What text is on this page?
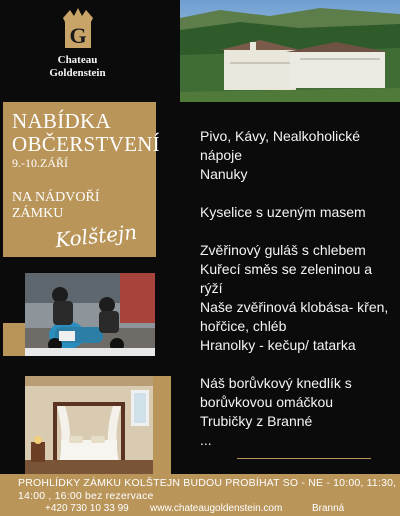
G
Chateau
Goldenstein
NABÍDKA
OBČERSTVENÍ
9.-10.ZÁŘÍ
NA NÁDVOŘÍ
ZÁMKU
Kolštejn
Pivo, Kávy, Nealkoholické
nápoje
Nanuky
Kyselice s uzeným masem
Zvěřinový guláš s chlebem
Kuřecí směs se zeleninou a
rýží
Naše zvěřinová klobása- křen,
hořčice, chléb
Hranolky - kečup/ tatarka
Náš borůvkový knedlík s
borůvkovou omáčkou
Trubičky z Branné
...
PROHLÍDKY ZÁMKU KOLŠTEJN BUDOU PROBÍHAT SO - NE - 10:00, 11:30, 14:00 , 16:00 bez rezervace
+420 730 10 33 99 www.chateaugoldenstein.com	Branná
